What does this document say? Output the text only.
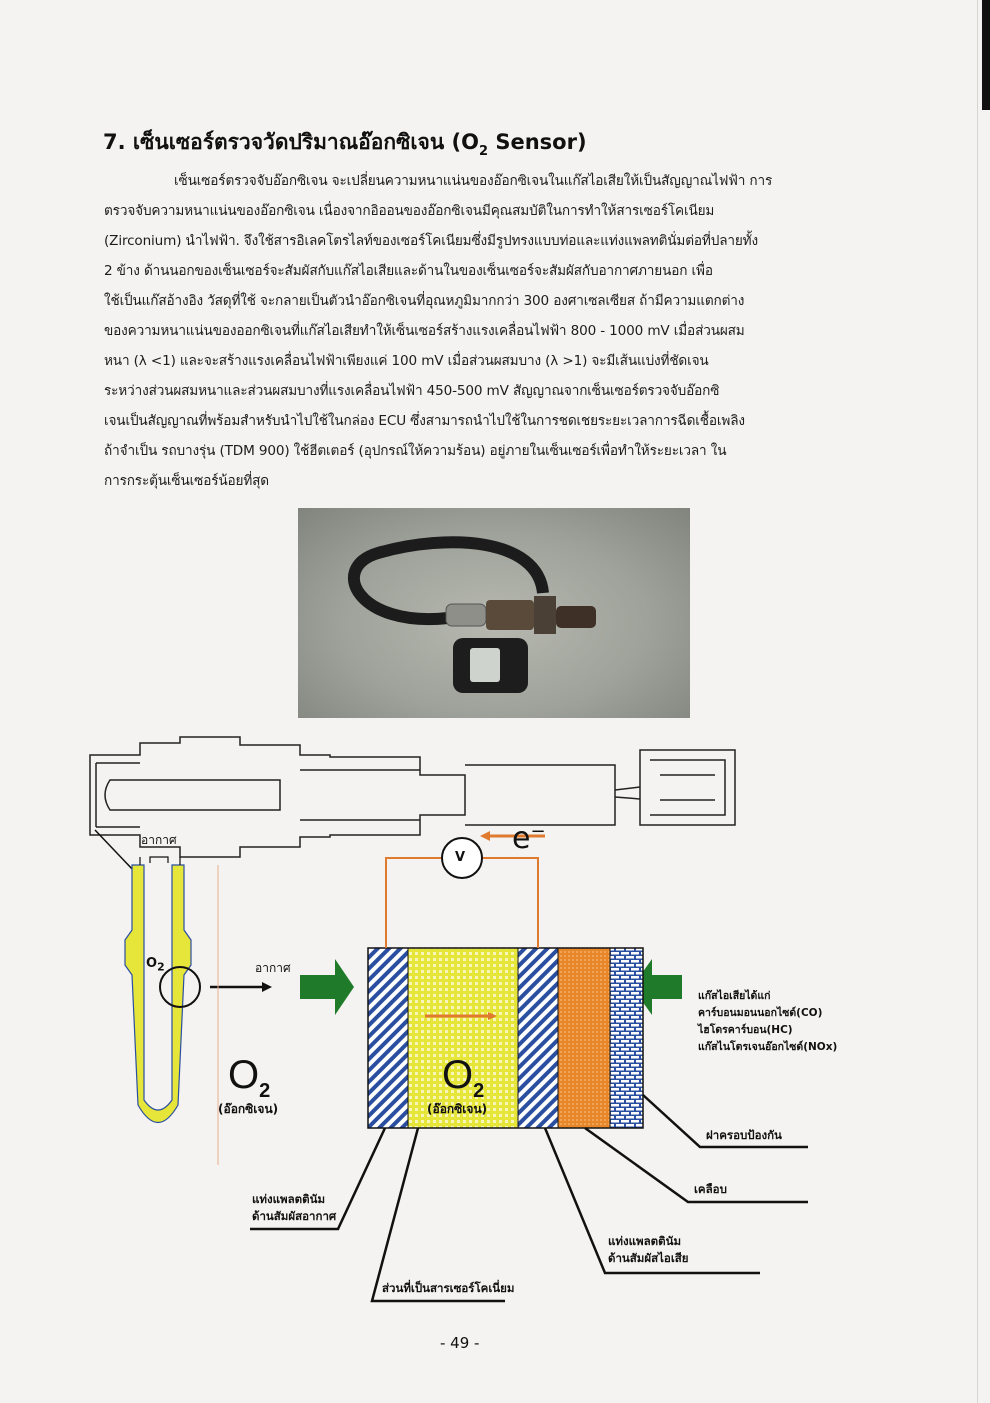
7. เซ็นเซอร์ตรวจวัดปริมาณอ๊อกซิเจน ($O_2$ Sensor)
เซ็นเซอร์ตรวจจับอ๊อกซิเจน จะเปลี่ยนความหนาแน่นของอ๊อกซิเจนในแก๊สไอเสียให้เป็นสัญญาณไฟฟ้า การ
ตรวจจับความหนาแน่นของอ๊อกซิเจน เนื่องจากอิออนของอ๊อกซิเจนมีคุณสมบัติในการทำให้สารเซอร์โคเนียม
(Zirconium) นำไฟฟ้า. จึงใช้สารอิเลคโตรไลท์ของเซอร์โคเนียมซึ่งมีรูปทรงแบบท่อและแท่งแพลทตินั่มต่อที่ปลายทั้ง
2 ข้าง ด้านนอกของเซ็นเซอร์จะสัมผัสกับแก๊สไอเสียและด้านในของเซ็นเซอร์จะสัมผัสกับอากาศภายนอก เพื่อ
ใช้เป็นแก๊สอ้างอิง วัสดุที่ใช้ จะกลายเป็นตัวนำอ๊อกซิเจนที่อุณหภูมิมากกว่า 300 องศาเซลเซียส ถ้ามีความแตกต่าง
ของความหนาแน่นของออกซิเจนที่แก๊สไอเสียทำให้เซ็นเซอร์สร้างแรงเคลื่อนไฟฟ้า 800 - 1000 mV เมื่อส่วนผสม
หนา (λ <1) และจะสร้างแรงเคลื่อนไฟฟ้าเพียงแค่ 100 mV เมื่อส่วนผสมบาง (λ >1) จะมีเส้นแบ่งที่ชัดเจน
ระหว่างส่วนผสมหนาและส่วนผสมบางที่แรงเคลื่อนไฟฟ้า 450-500 mV สัญญาณจากเซ็นเซอร์ตรวจจับอ๊อกซิ
เจนเป็นสัญญาณที่พร้อมสำหรับนำไปใช้ในกล่อง ECU ซึ่งสามารถนำไปใช้ในการชดเชยระยะเวลาการฉีดเชื้อเพลิง
ถ้าจำเป็น รถบางรุ่น (TDM 900) ใช้ฮีตเตอร์ (อุปกรณ์ให้ความร้อน) อยู่ภายในเซ็นเซอร์เพื่อทำให้ระยะเวลา ใน
การกระตุ้นเซ็นเซอร์น้อยที่สุด
อากาศ
$O_2$	อากาศ
V
e−
$O_2$
(อ๊อกซิเจน)
$O_2$
(อ๊อกซิเจน)
แก๊สไอเสียได้แก่
คาร์บอนมอนนอกไซด์(CO)
ไฮโดรคาร์บอน(HC)
แก๊สไนโตรเจนอ๊อกไซด์(NOx)
ฝาครอบป้องกัน
เคลือบ
แท่งแพลตตินัม
ด้านสัมผัสไอเสีย
แท่งแพลตตินัม
ด้านสัมผัสอากาศ
ส่วนที่เป็นสารเซอร์โคเนี่ยม
- 49 -
